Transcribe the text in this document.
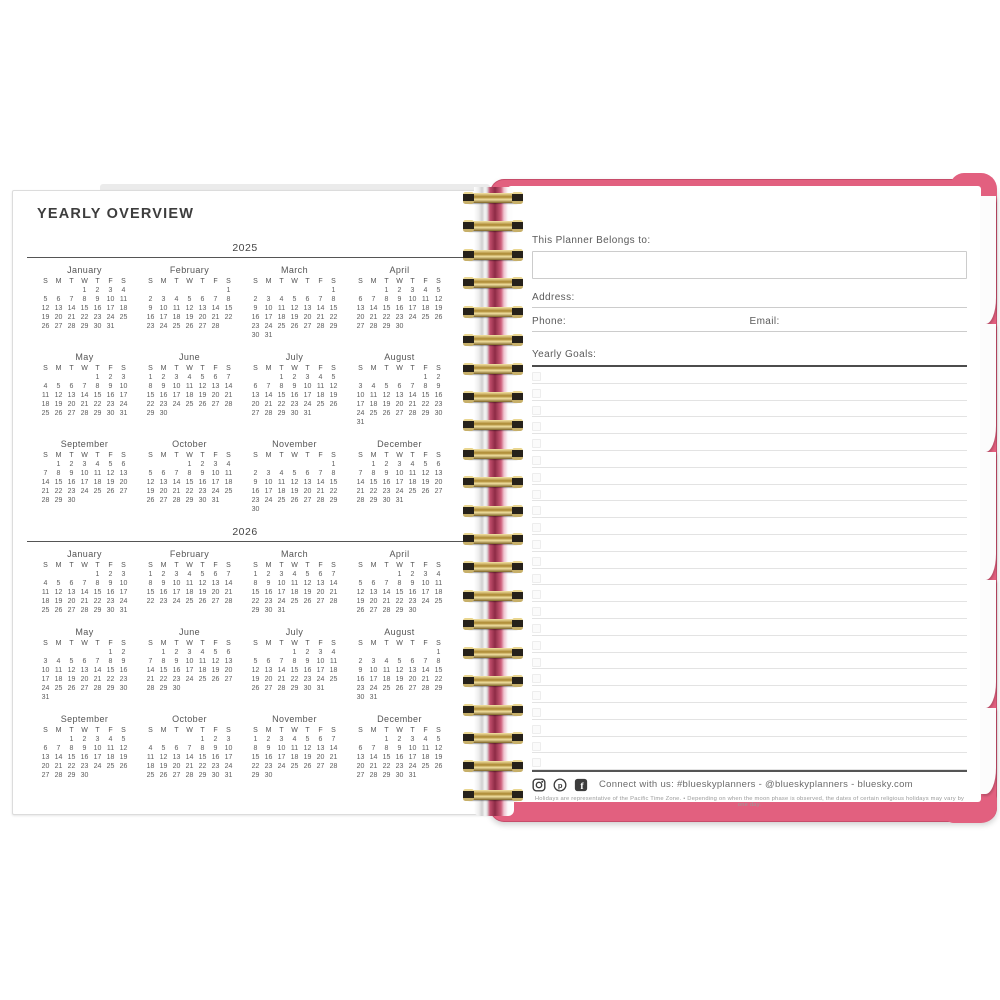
YEARLY OVERVIEW
2025
January
S M T W T F S
1 2 3 4
5 6 7 8 9 10 11
12 13 14 15 16 17 18
19 20 21 22 23 24 25
26 27 28 29 30 31
February
S M T W T F S
1
2 3 4 5 6 7 8
9 10 11 12 13 14 15
16 17 18 19 20 21 22
23 24 25 26 27 28
March
S M T W T F S
1
2 3 4 5 6 7 8
9 10 11 12 13 14 15
16 17 18 19 20 21 22
23 24 25 26 27 28 29
30 31
April
S M T W T F S
1 2 3 4 5
6 7 8 9 10 11 12
13 14 15 16 17 18 19
20 21 22 23 24 25 26
27 28 29 30
May
S M T W T F S
1 2 3
4 5 6 7 8 9 10
11 12 13 14 15 16 17
18 19 20 21 22 23 24
25 26 27 28 29 30 31
June
S M T W T F S
1 2 3 4 5 6 7
8 9 10 11 12 13 14
15 16 17 18 19 20 21
22 23 24 25 26 27 28
29 30
July
S M T W T F S
1 2 3 4 5
6 7 8 9 10 11 12
13 14 15 16 17 18 19
20 21 22 23 24 25 26
27 28 29 30 31
August
S M T W T F S
1 2
3 4 5 6 7 8 9
10 11 12 13 14 15 16
17 18 19 20 21 22 23
24 25 26 27 28 29 30
31
September
S M T W T F S
1 2 3 4 5 6
7 8 9 10 11 12 13
14 15 16 17 18 19 20
21 22 23 24 25 26 27
28 29 30
October
S M T W T F S
1 2 3 4
5 6 7 8 9 10 11
12 13 14 15 16 17 18
19 20 21 22 23 24 25
26 27 28 29 30 31
November
S M T W T F S
1
2 3 4 5 6 7 8
9 10 11 12 13 14 15
16 17 18 19 20 21 22
23 24 25 26 27 28 29
30
December
S M T W T F S
1 2 3 4 5 6
7 8 9 10 11 12 13
14 15 16 17 18 19 20
21 22 23 24 25 26 27
28 29 30 31
2026
January
S M T W T F S
1 2 3
4 5 6 7 8 9 10
11 12 13 14 15 16 17
18 19 20 21 22 23 24
25 26 27 28 29 30 31
February
S M T W T F S
1 2 3 4 5 6 7
8 9 10 11 12 13 14
15 16 17 18 19 20 21
22 23 24 25 26 27 28
March
S M T W T F S
1 2 3 4 5 6 7
8 9 10 11 12 13 14
15 16 17 18 19 20 21
22 23 24 25 26 27 28
29 30 31
April
S M T W T F S
1 2 3 4
5 6 7 8 9 10 11
12 13 14 15 16 17 18
19 20 21 22 23 24 25
26 27 28 29 30
May
S M T W T F S
1 2
3 4 5 6 7 8 9
10 11 12 13 14 15 16
17 18 19 20 21 22 23
24 25 26 27 28 29 30
31
June
S M T W T F S
1 2 3 4 5 6
7 8 9 10 11 12 13
14 15 16 17 18 19 20
21 22 23 24 25 26 27
28 29 30
July
S M T W T F S
1 2 3 4
5 6 7 8 9 10 11
12 13 14 15 16 17 18
19 20 21 22 23 24 25
26 27 28 29 30 31
August
S M T W T F S
1
2 3 4 5 6 7 8
9 10 11 12 13 14 15
16 17 18 19 20 21 22
23 24 25 26 27 28 29
30 31
September
S M T W T F S
1 2 3 4 5
6 7 8 9 10 11 12
13 14 15 16 17 18 19
20 21 22 23 24 25 26
27 28 29 30
October
S M T W T F S
1 2 3
4 5 6 7 8 9 10
11 12 13 14 15 16 17
18 19 20 21 22 23 24
25 26 27 28 29 30 31
November
S M T W T F S
1 2 3 4 5 6 7
8 9 10 11 12 13 14
15 16 17 18 19 20 21
22 23 24 25 26 27 28
29 30
December
S M T W T F S
1 2 3 4 5
6 7 8 9 10 11 12
13 14 15 16 17 18 19
20 21 22 23 24 25 26
27 28 29 30 31
This Planner Belongs to:
Address:
Phone:	Email:
Yearly Goals:
p f Connect with us: #blueskyplanners - @blueskyplanners - bluesky.com
Holidays are representative of the Pacific Time Zone. • Depending on when the moon phase is observed, the dates of certain religious holidays may vary by one day.
